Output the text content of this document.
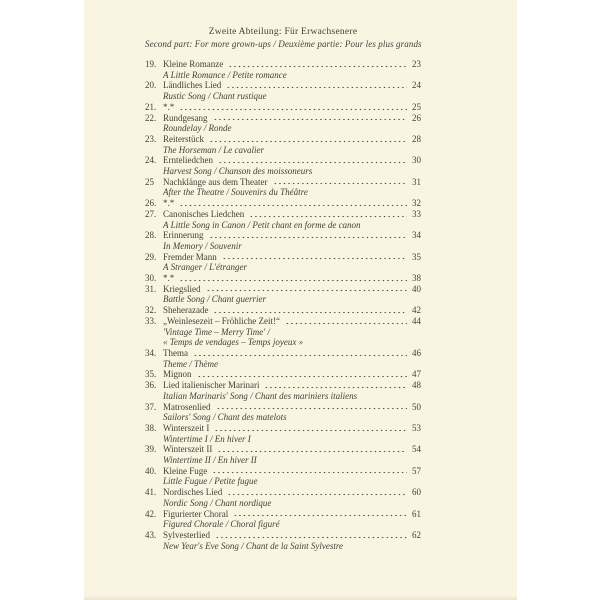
Zweite Abteilung: Für Erwachsenere
Second part: For more grown-ups / Deuxième partie: Pour les plus grands
19. Kleine Romanze	23
A Little Romance / Petite romance
20. Ländliches Lied	24
Rustic Song / Chant rustique
21. *.*	25
22. Rundgesang	26
Roundelay / Ronde
23. Reiterstück	28
The Horseman / Le cavalier
24. Ernteliedchen	30
Harvest Song / Chanson des moissoneurs
25	Nachklänge aus dem Theater	31
After the Theatre / Souvenirs du Théâtre
26. *.*	32
27. Canonisches Liedchen	33
A Little Song in Canon / Petit chant en forme de canon
28. Erinnerung	34
In Memory / Souvenir
29. Fremder Mann	35
A Stranger / L'étranger
30. *.*	38
31. Kriegslied	40
Battle Song / Chant guerrier
32. Sheherazade	42
33. „Weinlesezeit – Fröhliche Zeit!“	44
'Vintage Time – Merry Time' /
« Temps de vendages – Temps joyeux »
34. Thema	46
Theme / Thème
35. Mignon	47
36. Lied italienischer Marinari	48
Italian Marinaris' Song / Chant des mariniers italiens
37. Matrosenlied	50
Sailors' Song / Chant des matelots
38. Winterszeit I	53
Wintertime I / En hiver I
39. Winterszeit II	54
Wintertime II / En hiver II
40. Kleine Fuge	57
Little Fugue / Petite fugue
41. Nordisches Lied	60
Nordic Song / Chant nordique
42. Figurierter Choral	61
Figured Chorale / Choral figuré
43. Sylvesterlied	62
New Year's Eve Song / Chant de la Saint Sylvestre
